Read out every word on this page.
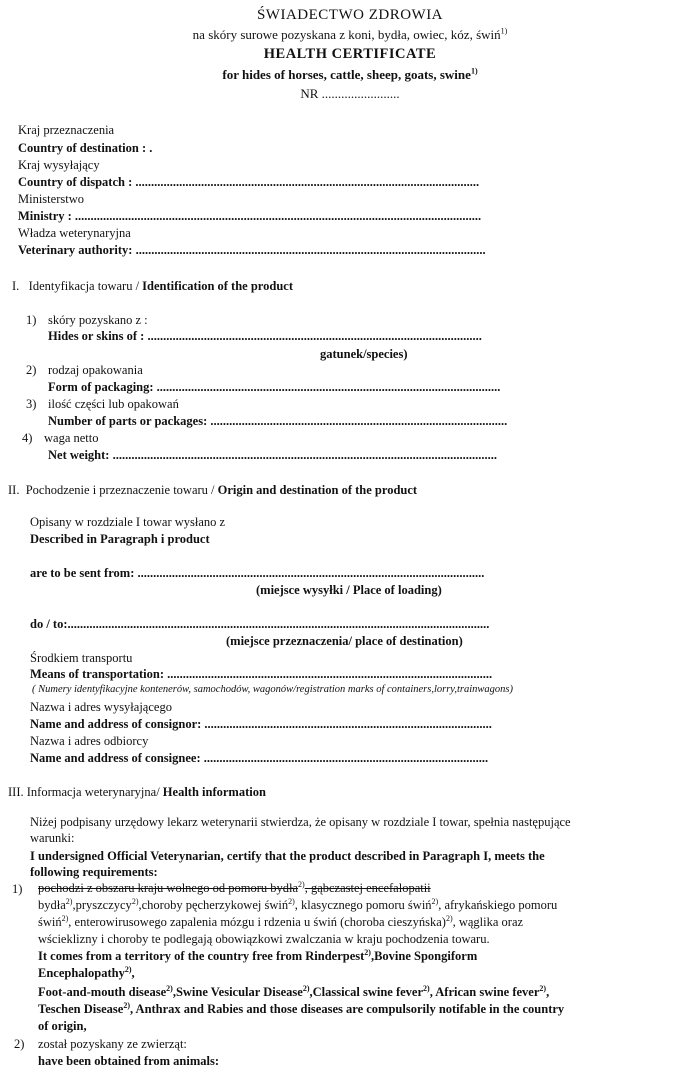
ŚWIADECTWO ZDROWIA
na skóry surowe pozyskana z koni, bydła, owiec, kóz, świń$^{1)}$
HEALTH CERTIFICATE
for hides of horses, cattle, sheep, goats, swine$^{1)}$
NR ........................
Kraj przeznaczenia
Country of destination : .
Kraj wysyłający
Country of dispatch : ..............................................................................................................
Ministerstwo
Ministry : ..................................................................................................................................
Władza weterynaryjna
Veterinary authority: ................................................................................................................
I. Identyfikacja towaru / Identification of the product
1) skóry pozyskano z :
Hides or skins of : ...........................................................................................................
gatunek/species)
2) rodzaj opakowania
Form of packaging: ..............................................................................................................
3) ilość części lub opakowań
Number of parts or packages: ...............................................................................................
4) waga netto
Net weight: ...........................................................................................................................
II. Pochodzenie i przeznaczenie towaru / Origin and destination of the product
Opisany w rozdziale I towar wysłano z
Described in Paragraph i product
are to be sent from: ...............................................................................................................
(miejsce wysyłki / Place of loading)
do / to:.......................................................................................................................................
(miejsce przeznaczenia/ place of destination)
Środkiem transportu
Means of transportation: ........................................................................................................
( Numery identyfikacyjne kontenerów, samochodów, wagonów/registration marks of containers,lorry,trainwagons)
Nazwa i adres wysyłającego
Name and address of consignor: ............................................................................................
Nazwa i adres odbiorcy
Name and address of consignee: ...........................................................................................
III. Informacja weterynaryjna/ Health information
Niżej podpisany urzędowy lekarz weterynarii stwierdza, że opisany w rozdziale I towar, spełnia następujące
warunki:
I undersigned Official Veterynarian, certify that the product described in Paragraph I, meets the
following requirements:
1) pochodzi z obszaru kraju wolnego od pomoru bydła$^{2)}$, gąbczastej encefalopatii
bydła$^{2)}$,pryszczycy$^{2)}$,choroby pęcherzykowej świń$^{2)}$, klasycznego pomoru świń$^{2)}$, afrykańskiego pomoru
świń$^{2)}$, enterowirusowego zapalenia mózgu i rdzenia u świń (choroba cieszyńska)$^{2)}$, wąglika oraz
wścieklizny i choroby te podlegają obowiązkowi zwalczania w kraju pochodzenia towaru.
It comes from a territory of the country free from Rinderpest$^{2)}$,Bovine Spongiform
Encephalopathy$^{2)}$,
Foot-and-mouth disease$^{2)}$,Swine Vesicular Disease$^{2)}$,Classical swine fever$^{2)}$, African swine fever$^{2)}$,
Teschen Disease$^{2)}$, Anthrax and Rabies and those diseases are compulsorily notifable in the country
of origin,
2) został pozyskany ze zwierząt:
have been obtained from animals:
